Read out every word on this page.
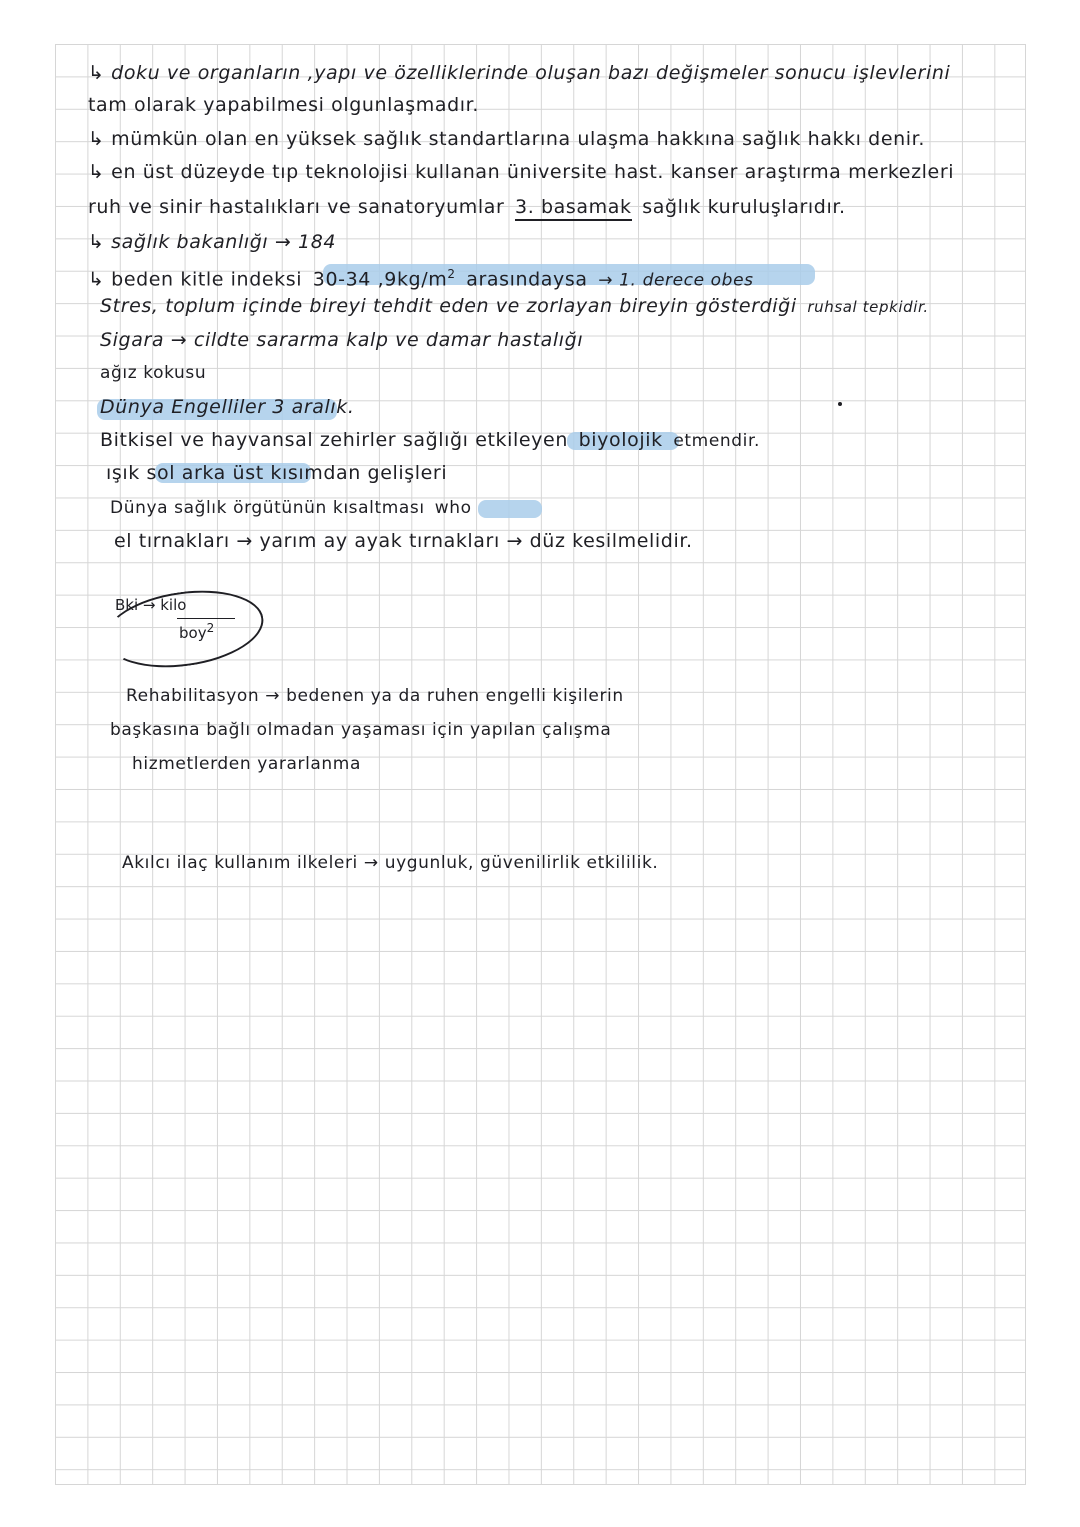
↳ doku ve organların ,yapı ve özelliklerinde oluşan bazı değişmeler sonucu işlevlerini
tam olarak yapabilmesi olgunlaşmadır.
↳ mümkün olan en yüksek sağlık standartlarına ulaşma hakkına sağlık hakkı denir.
↳ en üst düzeyde tıp teknolojisi kullanan üniversite hast. kanser araştırma merkezleri
ruh ve sinir hastalıkları ve sanatoryumlar 3. basamak sağlık kuruluşlarıdır.
↳ sağlık bakanlığı → 184
↳ beden kitle indeksi 30-34 $,9kg/m^2$ arasındaysa → 1. derece obes
Stres, toplum içinde bireyi tehdit eden ve zorlayan bireyin gösterdiği ruhsal tepkidir.
Sigara → cildte sararma kalp ve damar hastalığı
ağız kokusu
Dünya Engelliler 3 aralık.
Bitkisel ve hayvansal zehirler sağlığı etkileyen biyolojik etmendir.
ışık sol arka üst kısımdan gelişleri
Dünya sağlık örgütünün kısaltması who
el tırnakları → yarım ay ayak tırnakları → düz kesilmelidir.
Bki → kilo
boy$^2$
Rehabilitasyon → bedenen ya da ruhen engelli kişilerin
başkasına bağlı olmadan yaşaması için yapılan çalışma
hizmetlerden yararlanma
Akılcı ilaç kullanım ilkeleri → uygunluk, güvenilirlik etkililik.
